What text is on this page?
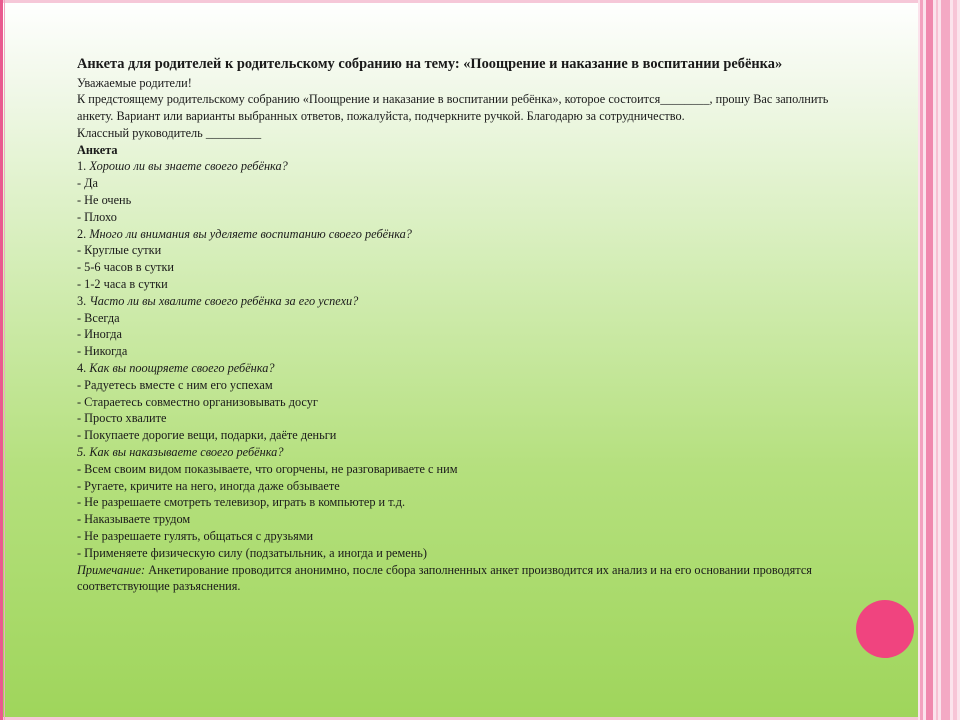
Анкета для родителей к родительскому собранию на тему: «Поощрение и наказание в воспитании ребёнка»
Уважаемые родители!
К предстоящему родительскому собранию «Поощрение и наказание в воспитании ребёнка», которое состоится________, прошу Вас заполнить анкету. Вариант или варианты выбранных ответов, пожалуйста, подчеркните ручкой. Благодарю за сотрудничество.
Классный руководитель _________
Анкета
1. Хорошо ли вы знаете своего ребёнка?
- Да
- Не очень
- Плохо
2. Много ли внимания вы уделяете воспитанию своего ребёнка?
- Круглые сутки
- 5-6 часов в сутки
- 1-2 часа в сутки
3. Часто ли вы хвалите своего ребёнка за его успехи?
- Всегда
- Иногда
- Никогда
4. Как вы поощряете своего ребёнка?
- Радуетесь вместе с ним его успехам
- Стараетесь совместно организовывать досуг
- Просто хвалите
- Покупаете дорогие вещи, подарки, даёте деньги
5. Как вы наказываете своего ребёнка?
- Всем своим видом показываете, что огорчены, не разговариваете с ним
- Ругаете, кричите на него, иногда даже обзываете
- Не разрешаете смотреть телевизор, играть в компьютер и т.д.
- Наказываете трудом
- Не разрешаете гулять, общаться с друзьями
- Применяете физическую силу (подзатыльник, а иногда и ремень)
Примечание: Анкетирование проводится анонимно, после сбора заполненных анкет производится их анализ и на его основании проводятся соответствующие разъяснения.
